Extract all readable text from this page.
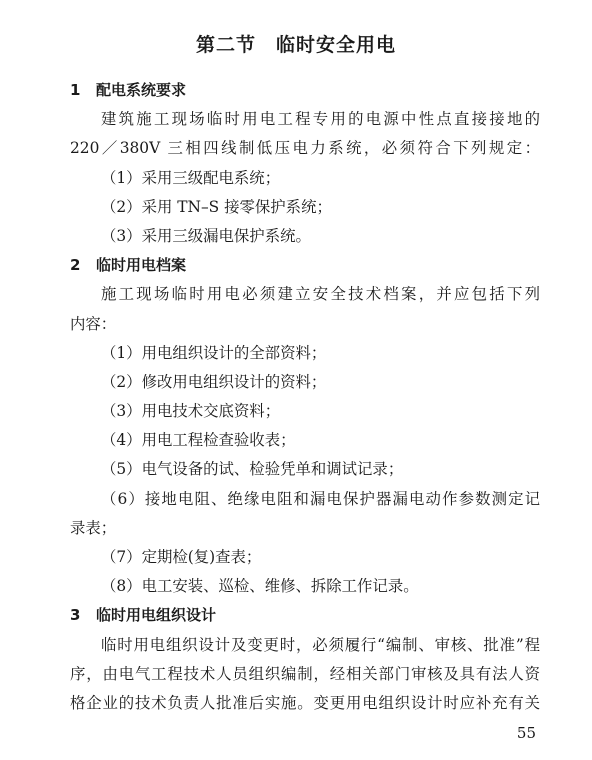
第二节 临时安全用电
1 配电系统要求
建筑施工现场临时用电工程专用的电源中性点直接接地的
220／380V 三相四线制低压电力系统，必须符合下列规定：
（1）采用三级配电系统；
（2）采用 TN–S 接零保护系统；
（3）采用三级漏电保护系统。
2 临时用电档案
施工现场临时用电必须建立安全技术档案，并应包括下列
内容：
（1）用电组织设计的全部资料；
（2）修改用电组织设计的资料；
（3）用电技术交底资料；
（4）用电工程检查验收表；
（5）电气设备的试、检验凭单和调试记录；
（6）接地电阻、绝缘电阻和漏电保护器漏电动作参数测定记
录表；
（7）定期检(复)查表；
（8）电工安装、巡检、维修、拆除工作记录。
3 临时用电组织设计
临时用电组织设计及变更时，必须履行“编制、审核、批准”程
序，由电气工程技术人员组织编制，经相关部门审核及具有法人资
格企业的技术负责人批准后实施。变更用电组织设计时应补充有关
55
